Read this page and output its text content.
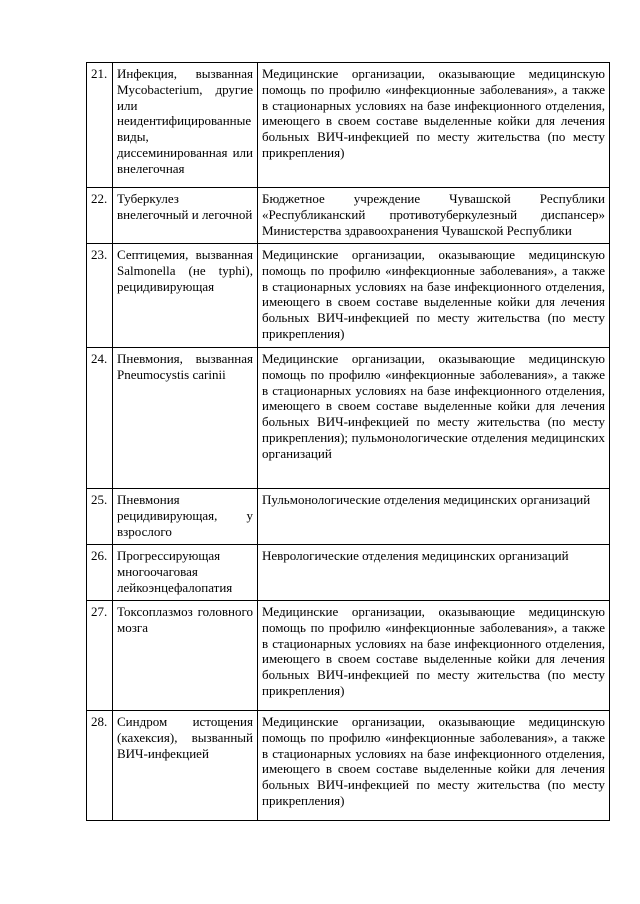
21.	Инфекция, вызванная Mycobacterium, другие или неидентифицированные виды, диссеминированная или внелегочная	Медицинские организации, оказывающие медицинскую помощь по профилю «инфекционные заболевания», а также в стационарных условиях на базе инфекционного отделения, имеющего в своем составе выделенные койки для лечения больных ВИЧ-инфекцией по месту жительства (по месту прикрепления)
22.	Туберкулез внелегочный и легочной	Бюджетное учреждение Чувашской Республики «Республиканский противотуберкулезный диспансер» Министерства здравоохранения Чувашской Республики
23.	Септицемия, вызванная Salmonella (не typhi), рецидивирующая	Медицинские организации, оказывающие медицинскую помощь по профилю «инфекционные заболевания», а также в стационарных условиях на базе инфекционного отделения, имеющего в своем составе выделенные койки для лечения больных ВИЧ-инфекцией по месту жительства (по месту прикрепления)
24.	Пневмония, вызванная Pneumocystis carinii	Медицинские организации, оказывающие медицинскую помощь по профилю «инфекционные заболевания», а также в стационарных условиях на базе инфекционного отделения, имеющего в своем составе выделенные койки для лечения больных ВИЧ-инфекцией по месту жительства (по месту прикрепления); пульмонологические отделения медицинских организаций
25.	Пневмония рецидивирующая, у взрослого	Пульмонологические отделения медицинских организаций
26.	Прогрессирующая многоочаговая лейкоэнцефалопатия	Неврологические отделения медицинских организаций
27.	Токсоплазмоз головного мозга	Медицинские организации, оказывающие медицинскую помощь по профилю «инфекционные заболевания», а также в стационарных условиях на базе инфекционного отделения, имеющего в своем составе выделенные койки для лечения больных ВИЧ-инфекцией по месту жительства (по месту прикрепления)
28.	Синдром истощения (кахексия), вызванный ВИЧ-инфекцией	Медицинские организации, оказывающие медицинскую помощь по профилю «инфекционные заболевания», а также в стационарных условиях на базе инфекционного отделения, имеющего в своем составе выделенные койки для лечения больных ВИЧ-инфекцией по месту жительства (по месту прикрепления)
